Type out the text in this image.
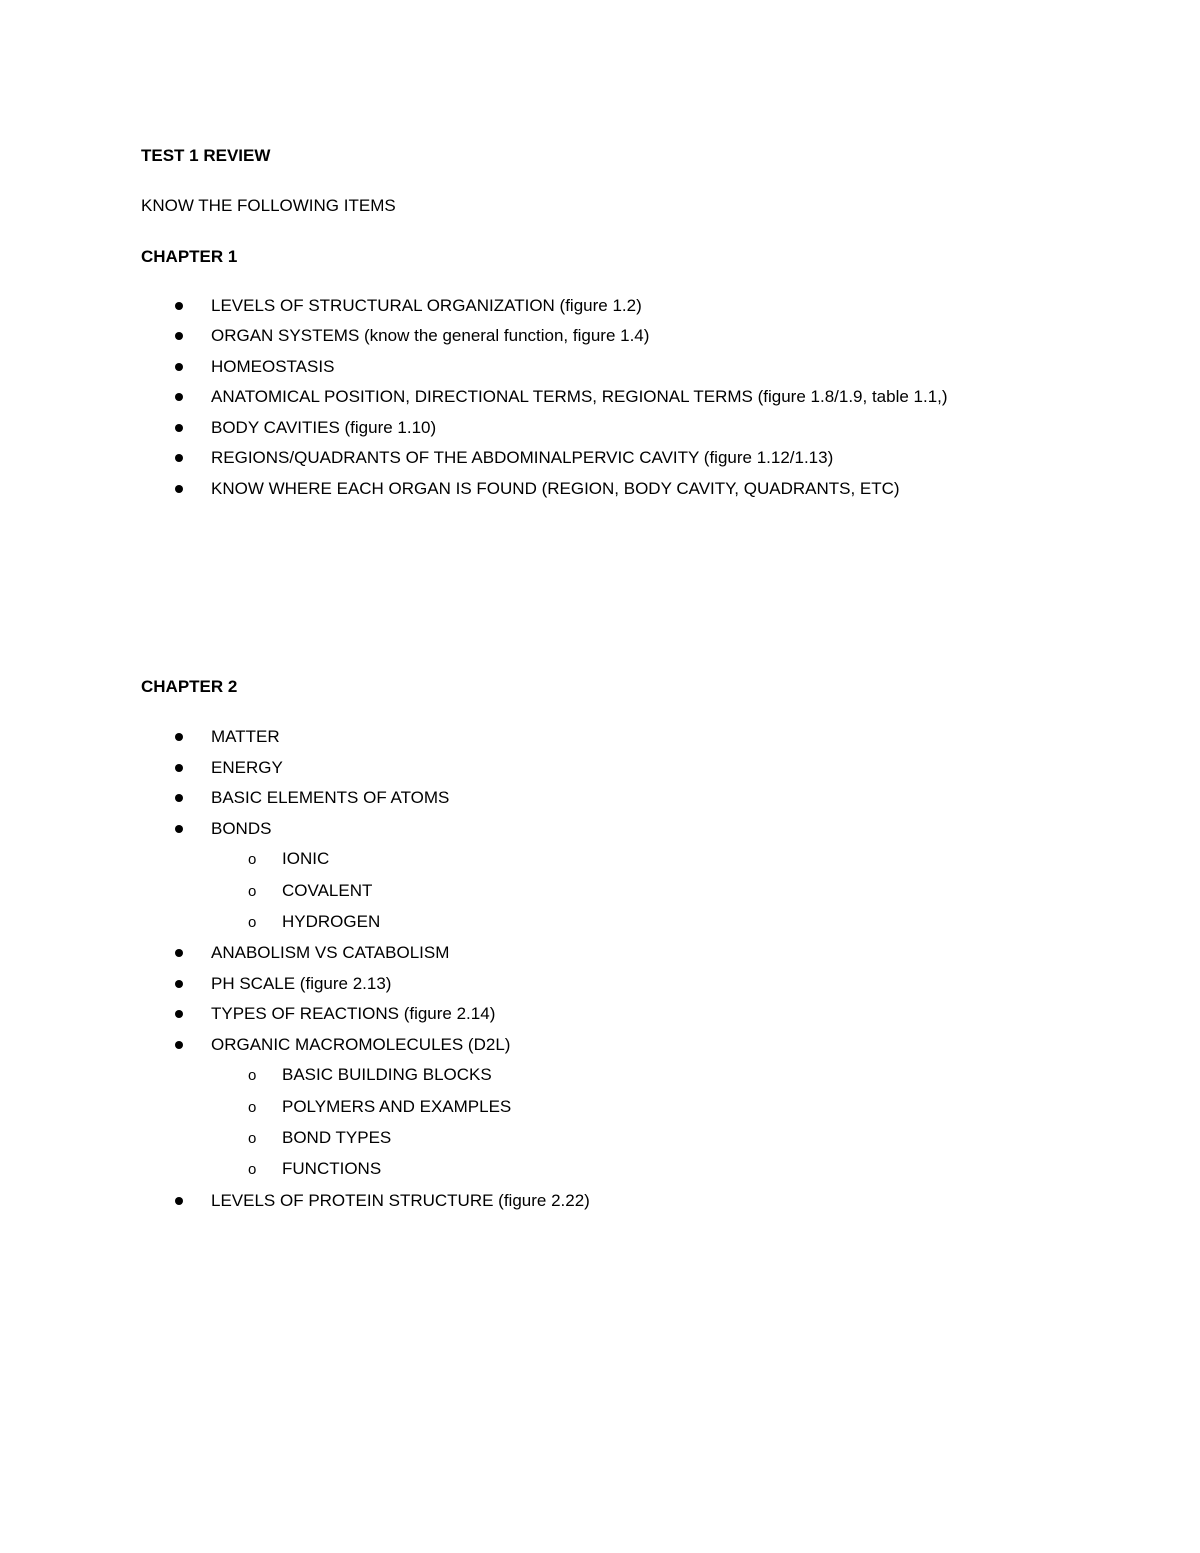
TEST 1 REVIEW
KNOW THE FOLLOWING ITEMS
CHAPTER 1
LEVELS OF STRUCTURAL ORGANIZATION (figure 1.2)
ORGAN SYSTEMS (know the general function, figure 1.4)
HOMEOSTASIS
ANATOMICAL POSITION, DIRECTIONAL TERMS, REGIONAL TERMS (figure 1.8/1.9, table 1.1,)
BODY CAVITIES (figure 1.10)
REGIONS/QUADRANTS OF THE ABDOMINALPERVIC CAVITY (figure 1.12/1.13)
KNOW WHERE EACH ORGAN IS FOUND (REGION, BODY CAVITY, QUADRANTS, ETC)
CHAPTER 2
MATTER
ENERGY
BASIC ELEMENTS OF ATOMS
BONDS
o IONIC
o COVALENT
o HYDROGEN
ANABOLISM VS CATABOLISM
PH SCALE (figure 2.13)
TYPES OF REACTIONS (figure 2.14)
ORGANIC MACROMOLECULES (D2L)
o BASIC BUILDING BLOCKS
o POLYMERS AND EXAMPLES
o BOND TYPES
o FUNCTIONS
LEVELS OF PROTEIN STRUCTURE (figure 2.22)
